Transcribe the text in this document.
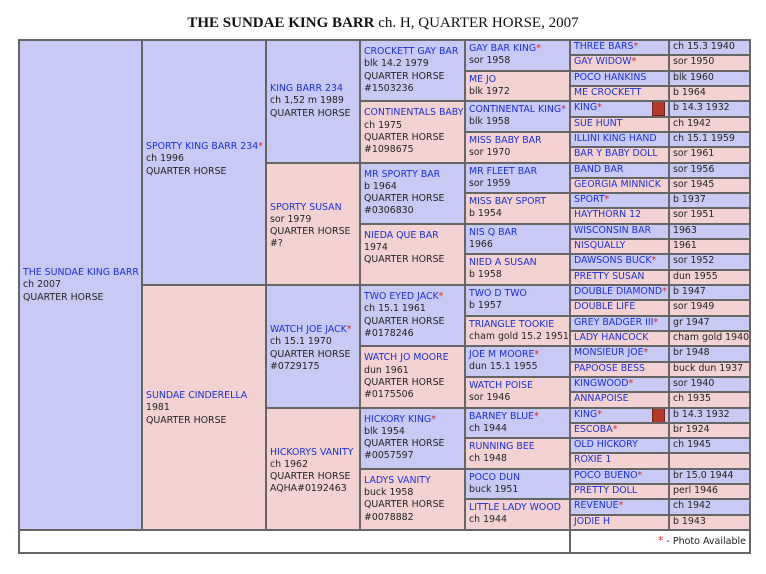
THE SUNDAE KING BARR ch. H, QUARTER HORSE, 2007
THE SUNDAE KING BARR
ch 2007
QUARTER HORSE
SPORTY KING BARR 234*
ch 1996
QUARTER HORSE
SUNDAE CINDERELLA
1981
QUARTER HORSE
KING BARR 234
ch 1,52 m 1989
QUARTER HORSE
SPORTY SUSAN
sor 1979
QUARTER HORSE
#?
WATCH JOE JACK*
ch 15.1 1970
QUARTER HORSE
#0729175
HICKORYS VANITY
ch 1962
QUARTER HORSE
AQHA#0192463
CROCKETT GAY BAR
blk 14.2 1979
QUARTER HORSE
#1503236
CONTINENTALS BABY
ch 1975
QUARTER HORSE
#1098675
MR SPORTY BAR
b 1964
QUARTER HORSE
#0306830
NIEDA QUE BAR
1974
QUARTER HORSE
TWO EYED JACK*
ch 15.1 1961
QUARTER HORSE
#0178246
WATCH JO MOORE
dun 1961
QUARTER HORSE
#0175506
HICKORY KING*
blk 1954
QUARTER HORSE
#0057597
LADYS VANITY
buck 1958
QUARTER HORSE
#0078882
GAY BAR KING*
sor 1958
ME JO
blk 1972
CONTINENTAL KING*
blk 1958
MISS BABY BAR
sor 1970
MR FLEET BAR
sor 1959
MISS BAY SPORT
b 1954
NIS Q BAR
1966
NIED A SUSAN
b 1958
TWO D TWO
b 1957
TRIANGLE TOOKIE
cham gold 15.2 1951
JOE M MOORE*
dun 15.1 1955
WATCH POISE
sor 1946
BARNEY BLUE*
ch 1944
RUNNING BEE
ch 1948
POCO DUN
buck 1951
LITTLE LADY WOOD
ch 1944
THREE BARS*	ch 15.3 1940
GAY WIDOW*	sor 1950
POCO HANKINS	blk 1960
ME CROCKETT	b 1964
KING*	b 14.3 1932
SUE HUNT	ch 1942
ILLINI KING HAND	ch 15.1 1959
BAR Y BABY DOLL	sor 1961
BAND BAR	sor 1956
GEORGIA MINNICK	sor 1945
SPORT*	b 1937
HAYTHORN 12	sor 1951
WISCONSIN BAR	1963
NISQUALLY	1961
DAWSONS BUCK*	sor 1952
PRETTY SUSAN	dun 1955
DOUBLE DIAMOND* b 1947
DOUBLE LIFE	sor 1949
GREY BADGER III*	gr 1947
LADY HANCOCK	cham gold 1940
MONSIEUR JOE*	br 1948
PAPOOSE BESS	buck dun 1937
KINGWOOD*	sor 1940
ANNAPOISE	ch 1935
KING*	b 14.3 1932
ESCOBA*	br 1924
OLD HICKORY	ch 1945
ROXIE 1
POCO BUENO*	br 15.0 1944
PRETTY DOLL	perl 1946
REVENUE*	ch 1942
JODIE H	b 1943
* - Photo Available
